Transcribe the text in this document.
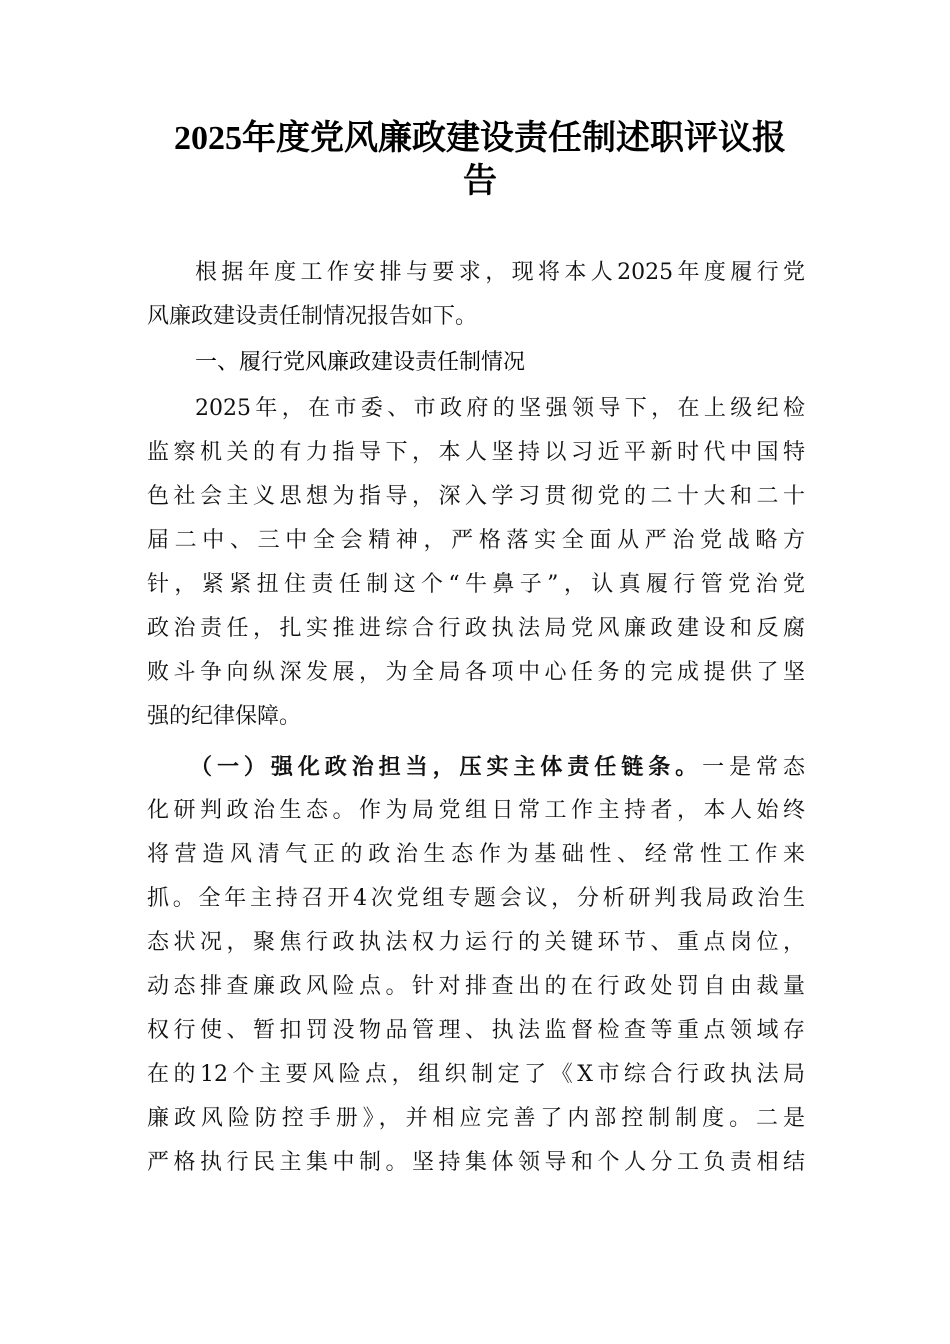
2025年度党风廉政建设责任制述职评议报
告
根据年度工作安排与要求，现将本人2025年度履行党
风廉政建设责任制情况报告如下。
一、履行党风廉政建设责任制情况
2025年，在市委、市政府的坚强领导下，在上级纪检
监察机关的有力指导下，本人坚持以习近平新时代中国特
色社会主义思想为指导，深入学习贯彻党的二十大和二十
届二中、三中全会精神，严格落实全面从严治党战略方
针，紧紧扭住责任制这个“牛鼻子”，认真履行管党治党
政治责任，扎实推进综合行政执法局党风廉政建设和反腐
败斗争向纵深发展，为全局各项中心任务的完成提供了坚
强的纪律保障。
（一）强化政治担当，压实主体责任链条。一是常态
化研判政治生态。作为局党组日常工作主持者，本人始终
将营造风清气正的政治生态作为基础性、经常性工作来
抓。全年主持召开4次党组专题会议，分析研判我局政治生
态状况，聚焦行政执法权力运行的关键环节、重点岗位，
动态排查廉政风险点。针对排查出的在行政处罚自由裁量
权行使、暂扣罚没物品管理、执法监督检查等重点领域存
在的12个主要风险点，组织制定了《X市综合行政执法局
廉政风险防控手册》，并相应完善了内部控制制度。二是
严格执行民主集中制。坚持集体领导和个人分工负责相结
